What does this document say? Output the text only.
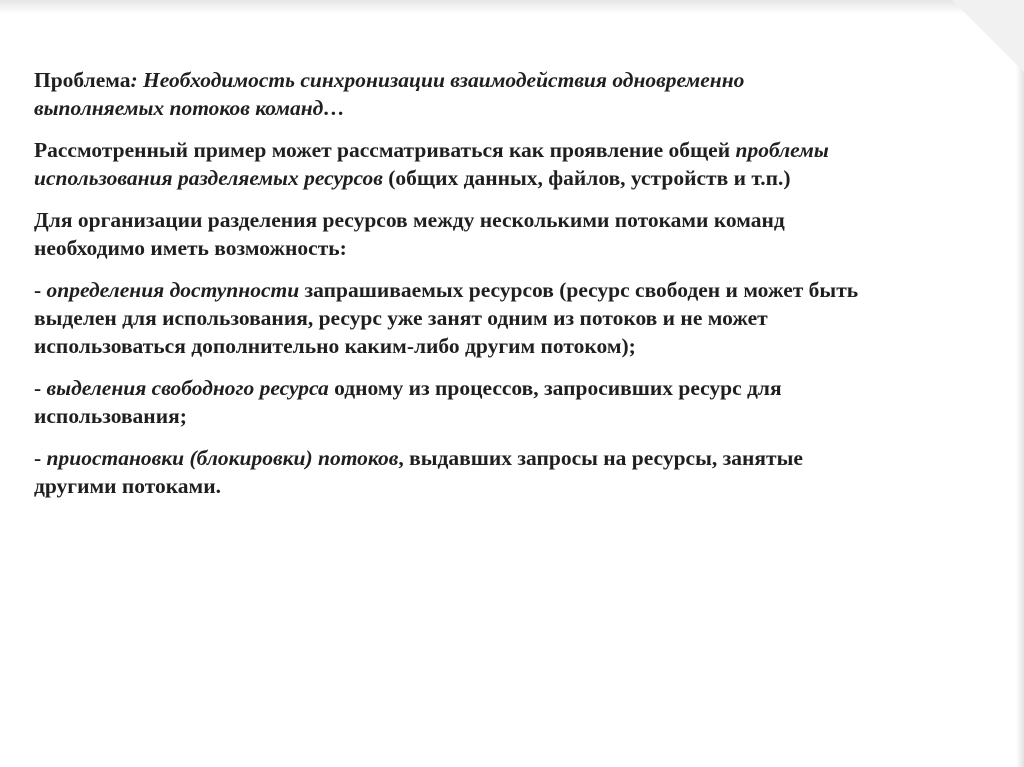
Проблема: Необходимость синхронизации взаимодействия одновременно
выполняемых потоков команд…

Рассмотренный пример может рассматриваться как проявление общей проблемы
использования разделяемых ресурсов (общих данных, файлов, устройств и т.п.)

Для организации разделения ресурсов между несколькими потоками команд
необходимо иметь возможность:

- определения доступности запрашиваемых ресурсов (ресурс свободен и может быть
выделен для использования, ресурс уже занят одним из потоков и не может
использоваться дополнительно каким-либо другим потоком);

- выделения свободного ресурса одному из процессов, запросивших ресурс для
использования;

- приостановки (блокировки) потоков, выдавших запросы на ресурсы, занятые
другими потоками.
